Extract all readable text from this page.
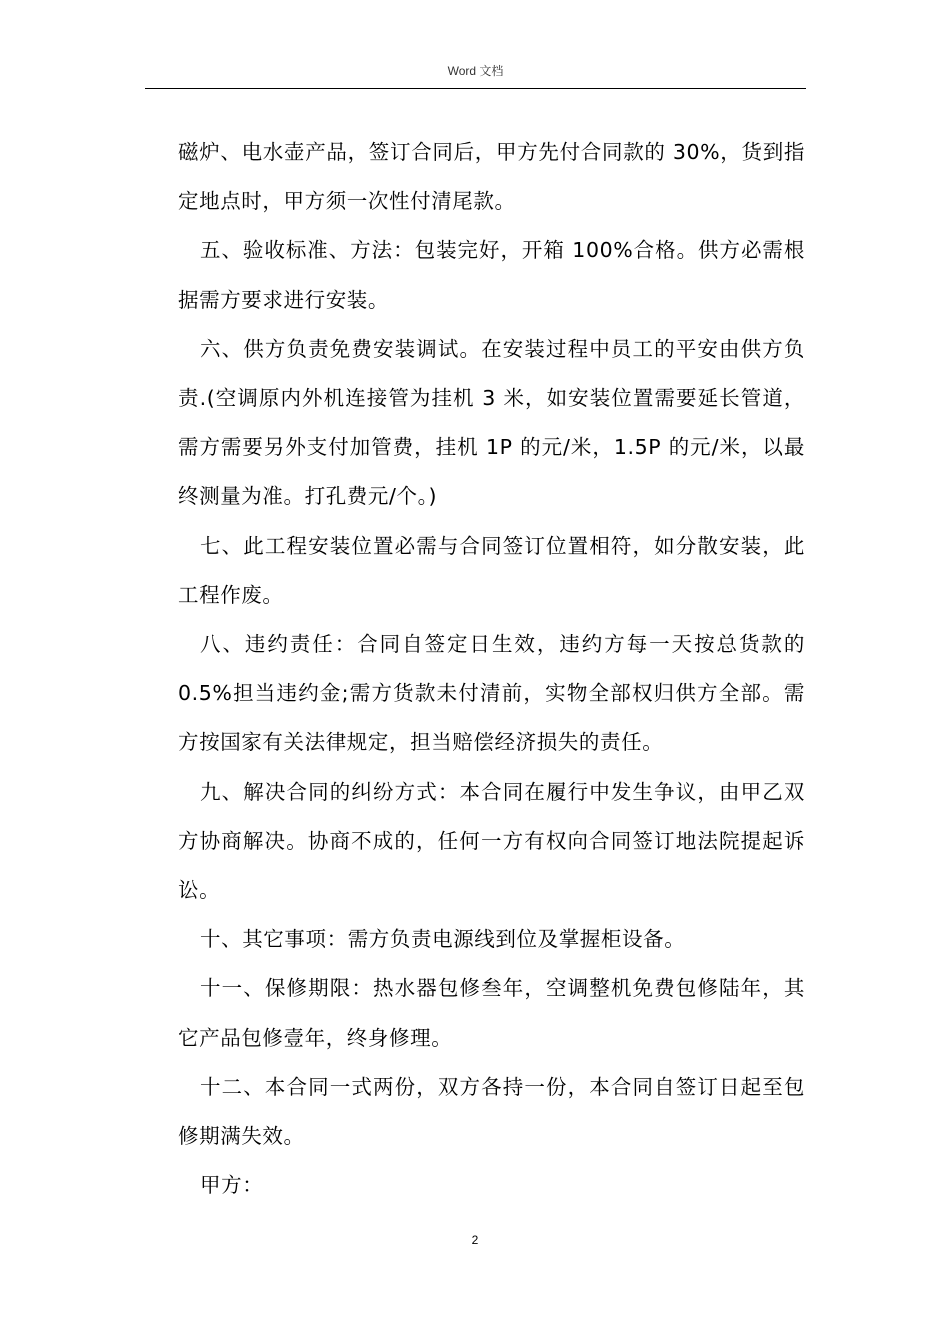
Word 文档

磁炉、电水壶产品，签订合同后，甲方先付合同款的 30%，货到指定地点时，甲方须一次性付清尾款。

五、验收标准、方法：包装完好，开箱 100%合格。供方必需根据需方要求进行安装。

六、供方负责免费安装调试。在安装过程中员工的平安由供方负责.(空调原内外机连接管为挂机 3 米，如安装位置需要延长管道，需方需要另外支付加管费，挂机 1P 的元/米，1.5P 的元/米，以最终测量为准。打孔费元/个。)

七、此工程安装位置必需与合同签订位置相符，如分散安装，此工程作废。

八、违约责任：合同自签定日生效，违约方每一天按总货款的 0.5%担当违约金;需方货款未付清前，实物全部权归供方全部。需方按国家有关法律规定，担当赔偿经济损失的责任。

九、解决合同的纠纷方式：本合同在履行中发生争议，由甲乙双方协商解决。协商不成的，任何一方有权向合同签订地法院提起诉讼。

十、其它事项：需方负责电源线到位及掌握柜设备。

十一、保修期限：热水器包修叁年，空调整机免费包修陆年，其它产品包修壹年，终身修理。

十二、本合同一式两份，双方各持一份，本合同自签订日起至包修期满失效。

甲方：

2
